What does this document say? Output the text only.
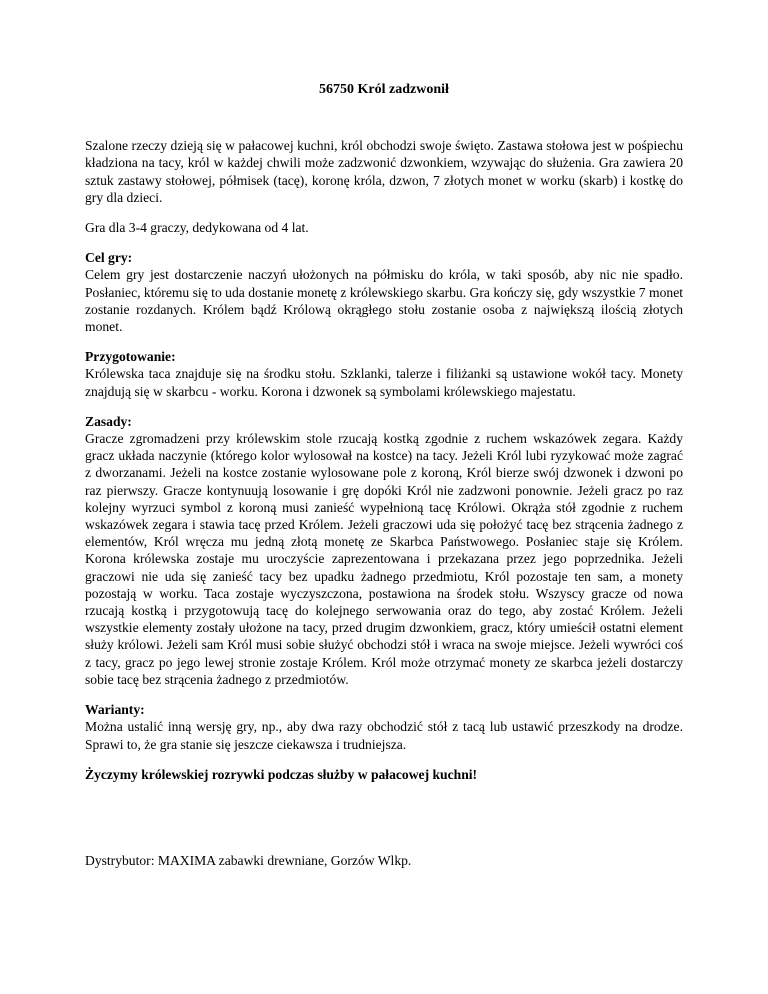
56750 Król zadzwonił

Szalone rzeczy dzieją się w pałacowej kuchni, król obchodzi swoje święto. Zastawa stołowa jest w pośpiechu kładziona na tacy, król w każdej chwili może zadzwonić dzwonkiem, wzywając do służenia. Gra zawiera 20 sztuk zastawy stołowej, półmisek (tacę), koronę króla, dzwon, 7 złotych monet w worku (skarb) i kostkę do gry dla dzieci.

Gra dla 3-4 graczy, dedykowana od 4 lat.

Cel gry:
Celem gry jest dostarczenie naczyń ułożonych na półmisku do króla, w taki sposób, aby nic nie spadło. Posłaniec, któremu się to uda dostanie monetę z królewskiego skarbu. Gra kończy się, gdy wszystkie 7 monet zostanie rozdanych. Królem bądź Królową okrągłego stołu zostanie osoba z największą ilością złotych monet.
Przygotowanie:
Królewska taca znajduje się na środku stołu. Szklanki, talerze i filiżanki są ustawione wokół tacy. Monety znajdują się w skarbcu - worku. Korona i dzwonek są symbolami królewskiego majestatu.
Zasady:
Gracze zgromadzeni przy królewskim stole rzucają kostką zgodnie z ruchem wskazówek zegara. Każdy gracz układa naczynie (którego kolor wylosował na kostce) na tacy. Jeżeli Król lubi ryzykować może zagrać z dworzanami. Jeżeli na kostce zostanie wylosowane pole z koroną, Król bierze swój dzwonek i dzwoni po raz pierwszy. Gracze kontynuują losowanie i grę dopóki Król nie zadzwoni ponownie. Jeżeli gracz po raz kolejny wyrzuci symbol z koroną musi zanieść wypełnioną tacę Królowi. Okrąża stół zgodnie z ruchem wskazówek zegara i stawia tacę przed Królem. Jeżeli graczowi uda się położyć tacę bez strącenia żadnego z elementów, Król wręcza mu jedną złotą monetę ze Skarbca Państwowego. Posłaniec staje się Królem. Korona królewska zostaje mu uroczyście zaprezentowana i przekazana przez jego poprzednika. Jeżeli graczowi nie uda się zanieść tacy bez upadku żadnego przedmiotu, Król pozostaje ten sam, a monety pozostają w worku. Taca zostaje wyczyszczona, postawiona na środek stołu. Wszyscy gracze od nowa rzucają kostką i przygotowują tacę do kolejnego serwowania oraz do tego, aby zostać Królem. Jeżeli wszystkie elementy zostały ułożone na tacy, przed drugim dzwonkiem, gracz, który umieścił ostatni element służy królowi. Jeżeli sam Król musi sobie służyć obchodzi stół i wraca na swoje miejsce. Jeżeli wywróci coś z tacy, gracz po jego lewej stronie zostaje Królem. Król może otrzymać monety ze skarbca jeżeli dostarczy sobie tacę bez strącenia żadnego z przedmiotów.
Warianty:
Można ustalić inną wersję gry, np., aby dwa razy obchodzić stół z tacą lub ustawić przeszkody na drodze. Sprawi to, że gra stanie się jeszcze ciekawsza i trudniejsza.

Życzymy królewskiej rozrywki podczas służby w pałacowej kuchni!

Dystrybutor: MAXIMA zabawki drewniane, Gorzów Wlkp.
